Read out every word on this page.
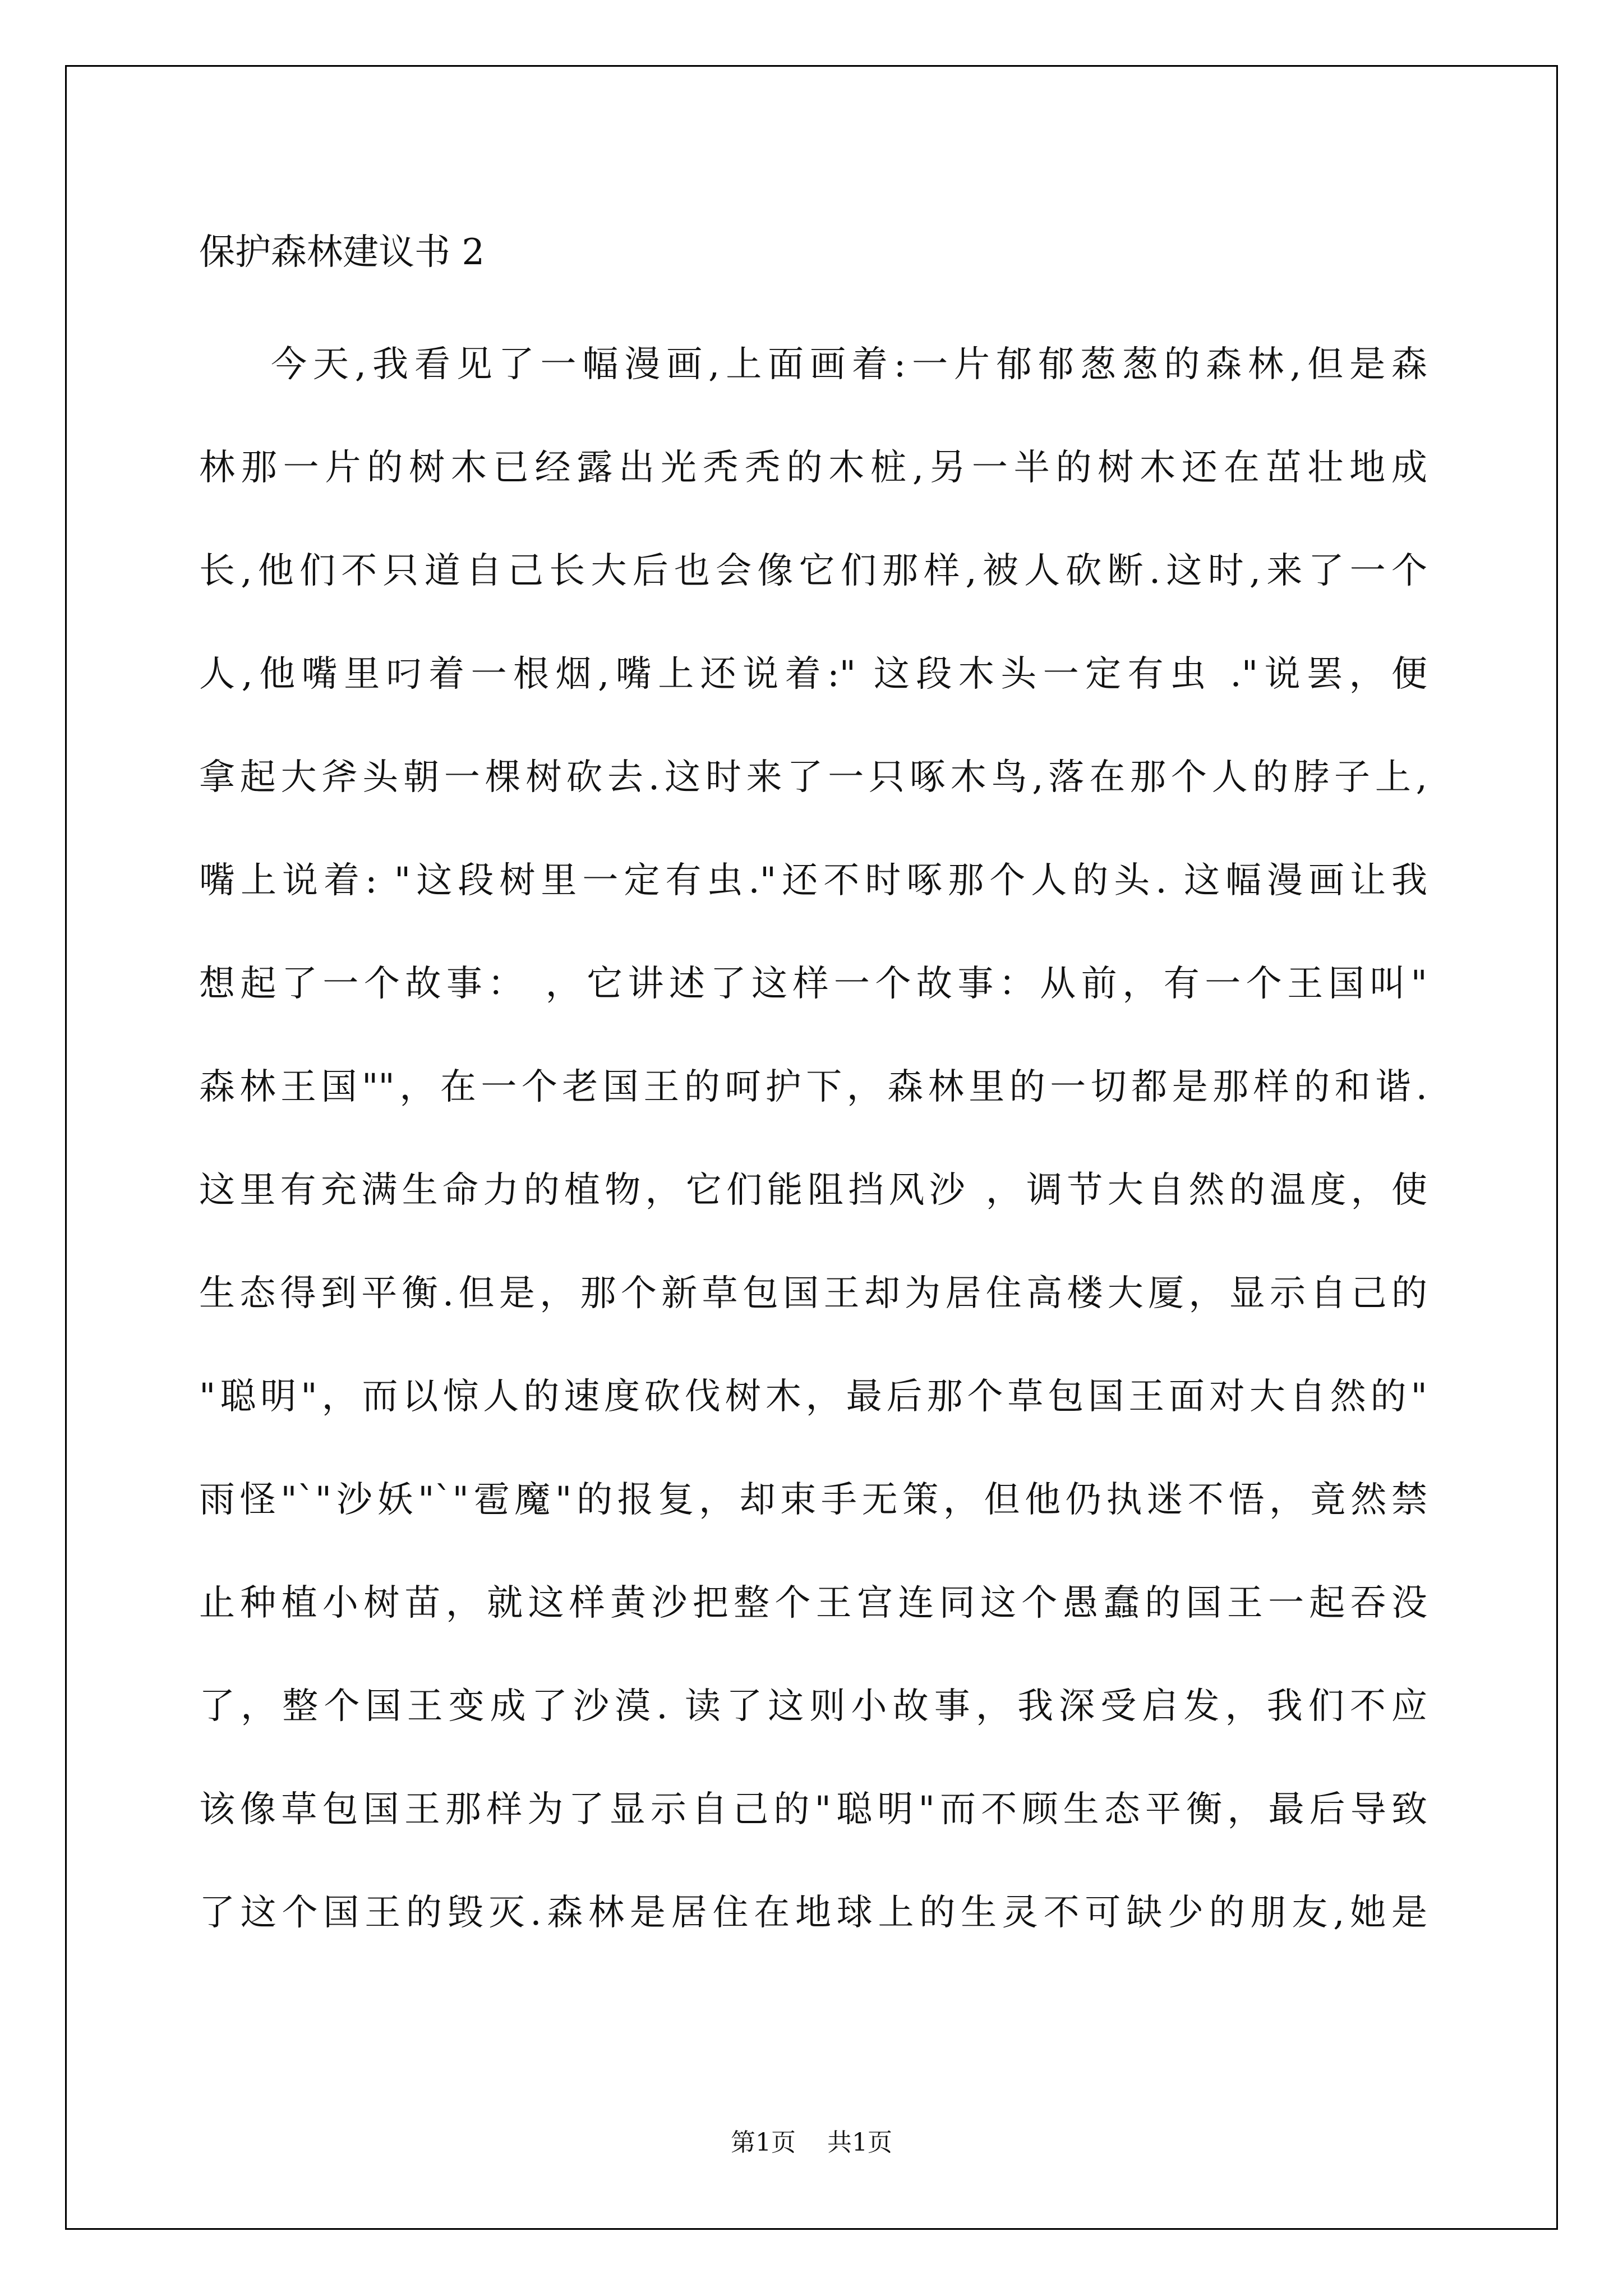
保护森林建议书 2
今天,我看见了一幅漫画,上面画着:一片郁郁葱葱的森林,但是森
林那一片的树木已经露出光秃秃的木桩,另一半的树木还在茁壮地成
长,他们不只道自己长大后也会像它们那样,被人砍断.这时,来了一个
人,他嘴里叼着一根烟,嘴上还说着:" 这段木头一定有虫 ."说罢，便
拿起大斧头朝一棵树砍去.这时来了一只啄木鸟,落在那个人的脖子上,
嘴上说着: "这段树里一定有虫."还不时啄那个人的头. 这幅漫画让我
想起了一个故事： ，它讲述了这样一个故事：从前，有一个王国叫"
森林王国""，在一个老国王的呵护下，森林里的一切都是那样的和谐.
这里有充满生命力的植物，它们能阻挡风沙 ，调节大自然的温度，使
生态得到平衡.但是，那个新草包国王却为居住高楼大厦，显示自己的
"聪明"，而以惊人的速度砍伐树木，最后那个草包国王面对大自然的"
雨怪"`"沙妖"`"雹魔"的报复，却束手无策，但他仍执迷不悟，竟然禁
止种植小树苗，就这样黄沙把整个王宫连同这个愚蠢的国王一起吞没
了，整个国王变成了沙漠. 读了这则小故事，我深受启发，我们不应
该像草包国王那样为了显示自己的"聪明"而不顾生态平衡，最后导致
了这个国王的毁灭.森林是居住在地球上的生灵不可缺少的朋友,她是
第1页 共1页
